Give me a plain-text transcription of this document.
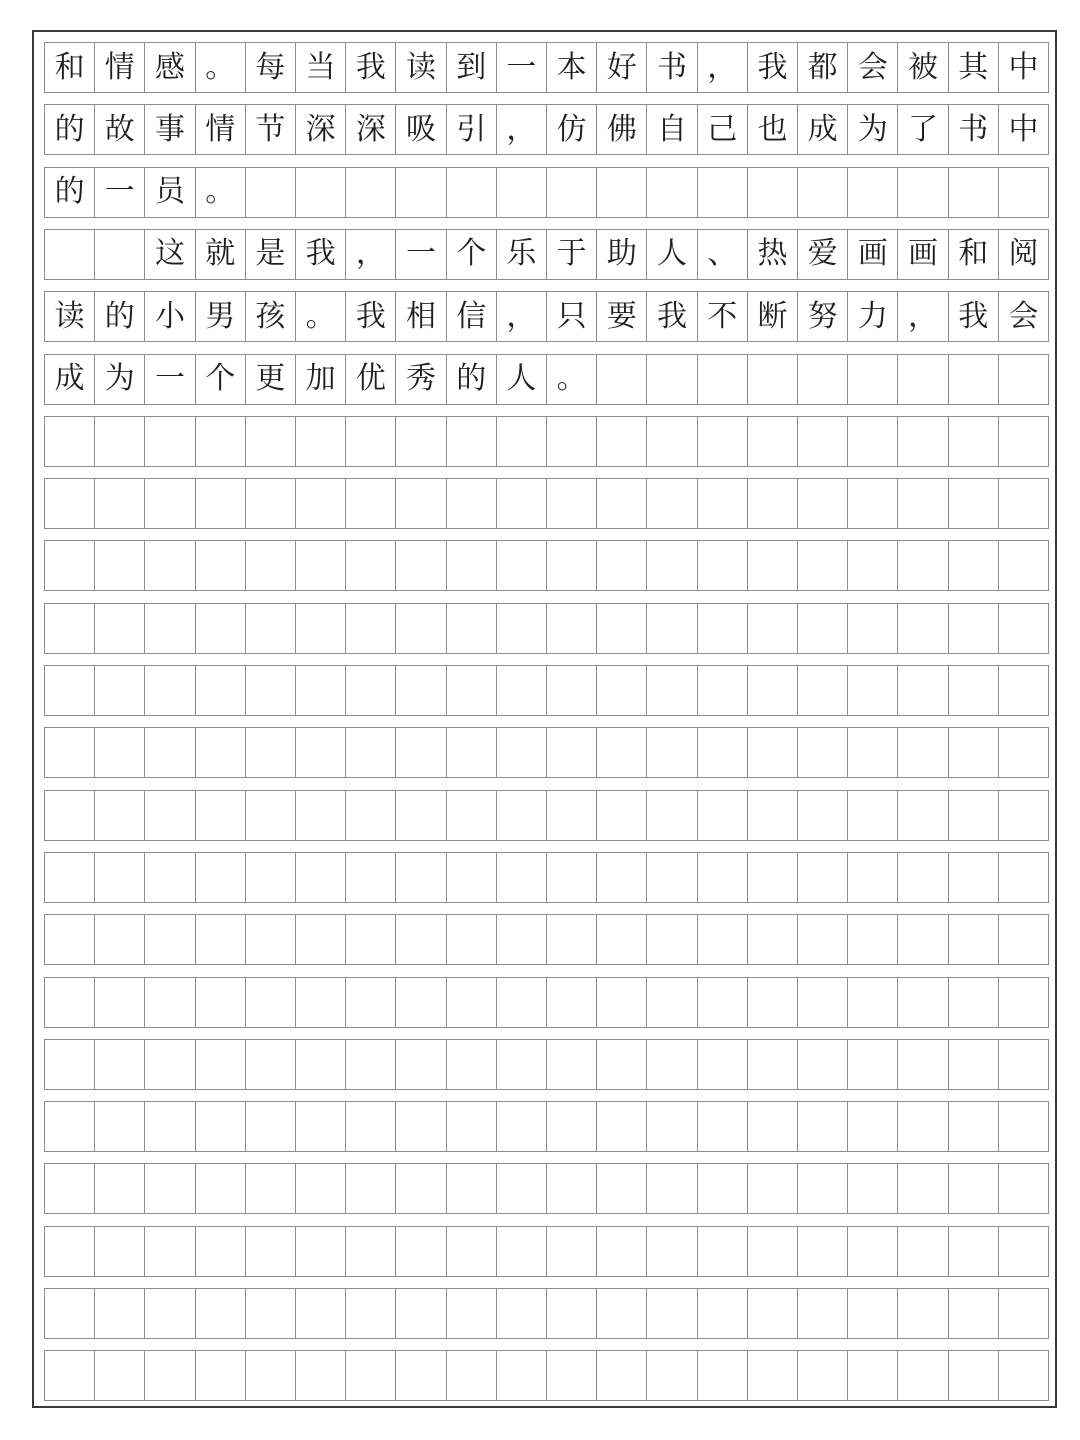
和 情 感 。 每 当 我 读 到 一 本 好 书 ， 我 都 会 被 其 中
的 故 事 情 节 深 深 吸 引 ， 仿 佛 自 己 也 成 为 了 书 中
的 一 员 。
这 就 是 我 ， 一 个 乐 于 助 人 、 热 爱 画 画 和 阅
读 的 小 男 孩 。 我 相 信 ， 只 要 我 不 断 努 力 ， 我 会
成 为 一 个 更 加 优 秀 的 人 。
